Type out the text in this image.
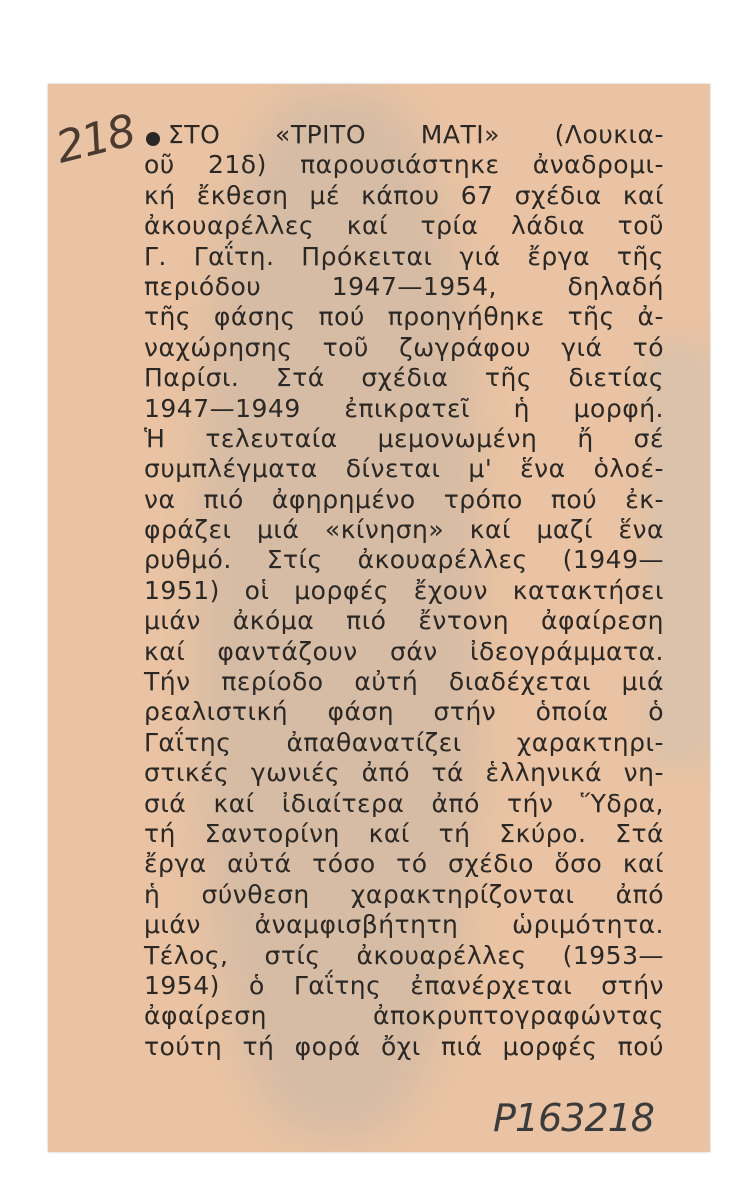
218	ΣΤΟ «ΤΡΙΤΟ ΜΑΤΙ» (Λουκια-
οῦ 21δ) παρουσιάστηκε ἀναδρομι-
κή ἔκθεση μέ κάπου 67 σχέδια καί
ἀκουαρέλλες καί τρία λάδια τοῦ
Γ. Γαΐτη. Πρόκειται γιά ἔργα τῆς
περιόδου 1947—1954, δηλαδή
τῆς φάσης πού προηγήθηκε τῆς ἀ-
ναχώρησης τοῦ ζωγράφου γιά τό
Παρίσι. Στά σχέδια τῆς διετίας
1947—1949 ἐπικρατεῖ ἡ μορφή.
Ἡ τελευταία μεμονωμένη ἤ σέ
συμπλέγματα δίνεται μ' ἕνα ὁλοέ-
να πιό ἀφηρημένο τρόπο πού ἐκ-
φράζει μιά «κίνηση» καί μαζί ἕνα
ρυθμό. Στίς ἀκουαρέλλες (1949—
1951) οἱ μορφές ἔχουν κατακτήσει
μιάν ἀκόμα πιό ἔντονη ἀφαίρεση
καί φαντάζουν σάν ἰδεογράμματα.
Τήν περίοδο αὐτή διαδέχεται μιά
ρεαλιστική φάση στήν ὁποία ὁ
Γαΐτης ἀπαθανατίζει χαρακτηρι-
στικές γωνιές ἀπό τά ἑλληνικά νη-
σιά καί ἰδιαίτερα ἀπό τήν Ὕδρα,
τή Σαντορίνη καί τή Σκύρο. Στά
ἔργα αὐτά τόσο τό σχέδιο ὅσο καί
ἡ σύνθεση χαρακτηρίζονται ἀπό
μιάν ἀναμφισβήτητη ὡριμότητα.
Τέλος, στίς ἀκουαρέλλες (1953—
1954) ὁ Γαΐτης ἐπανέρχεται στήν
ἀφαίρεση ἀποκρυπτογραφώντας
τούτη τή φορά ὄχι πιά μορφές πού
Ρ163218
